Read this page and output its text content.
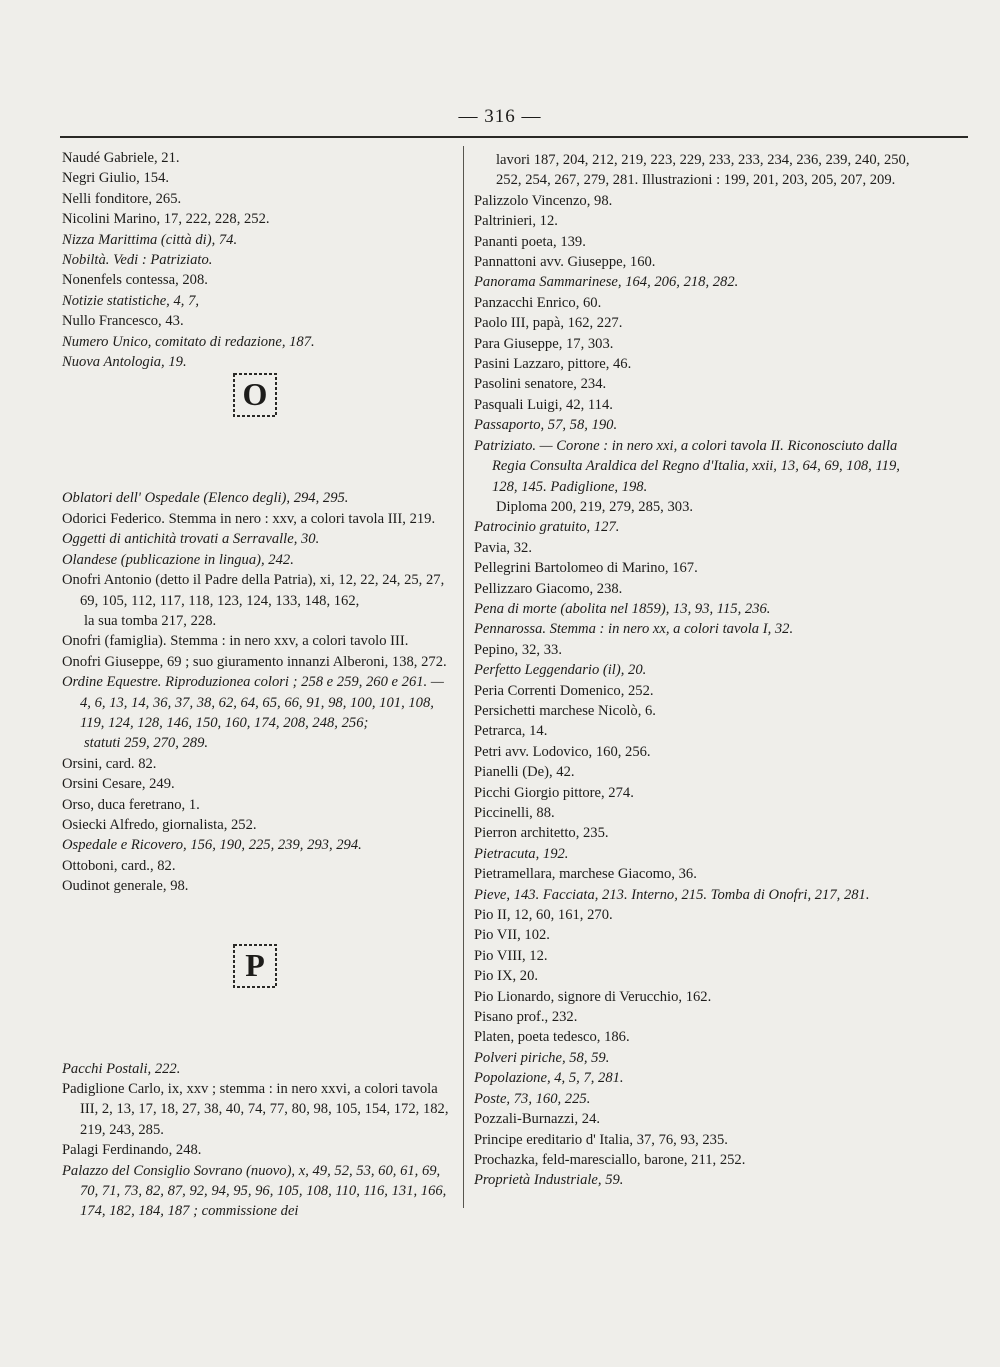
— 316 —

Naudé Gabriele, 21.

Negri Giulio, 154.

Nelli fonditore, 265.

Nicolini Marino, 17, 222, 228, 252.

Nizza Marittima (città di), 74.

Nobiltà. Vedi : Patriziato.

Nonenfels contessa, 208.

Notizie statistiche, 4, 7,

Nullo Francesco, 43.

Numero Unico, comitato di redazione, 187.

Nuova Antologia, 19.

O

Oblatori dell' Ospedale (Elenco degli), 294, 295.

Odorici Federico. Stemma in nero : xxv, a colori tavola III, 219.

Oggetti di antichità trovati a Serravalle, 30.

Olandese (publicazione in lingua), 242.

Onofri Antonio (detto il Padre della Patria), xi, 12, 22, 24, 25, 27, 69, 105, 112, 117, 118, 123, 124, 133, 148, 162,

la sua tomba 217, 228.

Onofri (famiglia). Stemma : in nero xxv, a colori tavolo III.

Onofri Giuseppe, 69 ; suo giuramento innanzi Alberoni, 138, 272.

Ordine Equestre. Riproduzionea colori ; 258 e 259, 260 e 261. — 4, 6, 13, 14, 36, 37, 38, 62, 64, 65, 66, 91, 98, 100, 101, 108, 119, 124, 128, 146, 150, 160, 174, 208, 248, 256;

statuti 259, 270, 289.

Orsini, card. 82.

Orsini Cesare, 249.

Orso, duca feretrano, 1.

Osiecki Alfredo, giornalista, 252.

Ospedale e Ricovero, 156, 190, 225, 239, 293, 294.

Ottoboni, card., 82.

Oudinot generale, 98.

P

Pacchi Postali, 222.

Padiglione Carlo, ix, xxv ; stemma : in nero xxvi, a colori tavola III, 2, 13, 17, 18, 27, 38, 40, 74, 77, 80, 98, 105, 154, 172, 182, 219, 243, 285.

Palagi Ferdinando, 248.

Palazzo del Consiglio Sovrano (nuovo), x, 49, 52, 53, 60, 61, 69, 70, 71, 73, 82, 87, 92, 94, 95, 96, 105, 108, 110, 116, 131, 166, 174, 182, 184, 187 ; commissione dei

lavori 187, 204, 212, 219, 223, 229, 233, 233, 234, 236, 239, 240, 250, 252, 254, 267, 279, 281. Illustrazioni : 199, 201, 203, 205, 207, 209.

Palizzolo Vincenzo, 98.

Paltrinieri, 12.

Pananti poeta, 139.

Pannattoni avv. Giuseppe, 160.

Panorama Sammarinese, 164, 206, 218, 282.

Panzacchi Enrico, 60.

Paolo III, papà, 162, 227.

Para Giuseppe, 17, 303.

Pasini Lazzaro, pittore, 46.

Pasolini senatore, 234.

Pasquali Luigi, 42, 114.

Passaporto, 57, 58, 190.

Patriziato. — Corone : in nero xxi, a colori tavola II. Riconosciuto dalla Regia Consulta Araldica del Regno d'Italia, xxii, 13, 64, 69, 108, 119, 128, 145. Padiglione, 198.

Diploma 200, 219, 279, 285, 303.

Patrocinio gratuito, 127.

Pavia, 32.

Pellegrini Bartolomeo di Marino, 167.

Pellizzaro Giacomo, 238.

Pena di morte (abolita nel 1859), 13, 93, 115, 236.

Pennarossa. Stemma : in nero xx, a colori tavola I, 32.

Pepino, 32, 33.

Perfetto Leggendario (il), 20.

Peria Correnti Domenico, 252.

Persichetti marchese Nicolò, 6.

Petrarca, 14.

Petri avv. Lodovico, 160, 256.

Pianelli (De), 42.

Picchi Giorgio pittore, 274.

Piccinelli, 88.

Pierron architetto, 235.

Pietracuta, 192.

Pietramellara, marchese Giacomo, 36.

Pieve, 143. Facciata, 213. Interno, 215. Tomba di Onofri, 217, 281.

Pio II, 12, 60, 161, 270.

Pio VII, 102.

Pio VIII, 12.

Pio IX, 20.

Pio Lionardo, signore di Verucchio, 162.

Pisano prof., 232.

Platen, poeta tedesco, 186.

Polveri piriche, 58, 59.

Popolazione, 4, 5, 7, 281.

Poste, 73, 160, 225.

Pozzali-Burnazzi, 24.

Principe ereditario d' Italia, 37, 76, 93, 235.

Prochazka, feld-maresciallo, barone, 211, 252.

Proprietà Industriale, 59.
